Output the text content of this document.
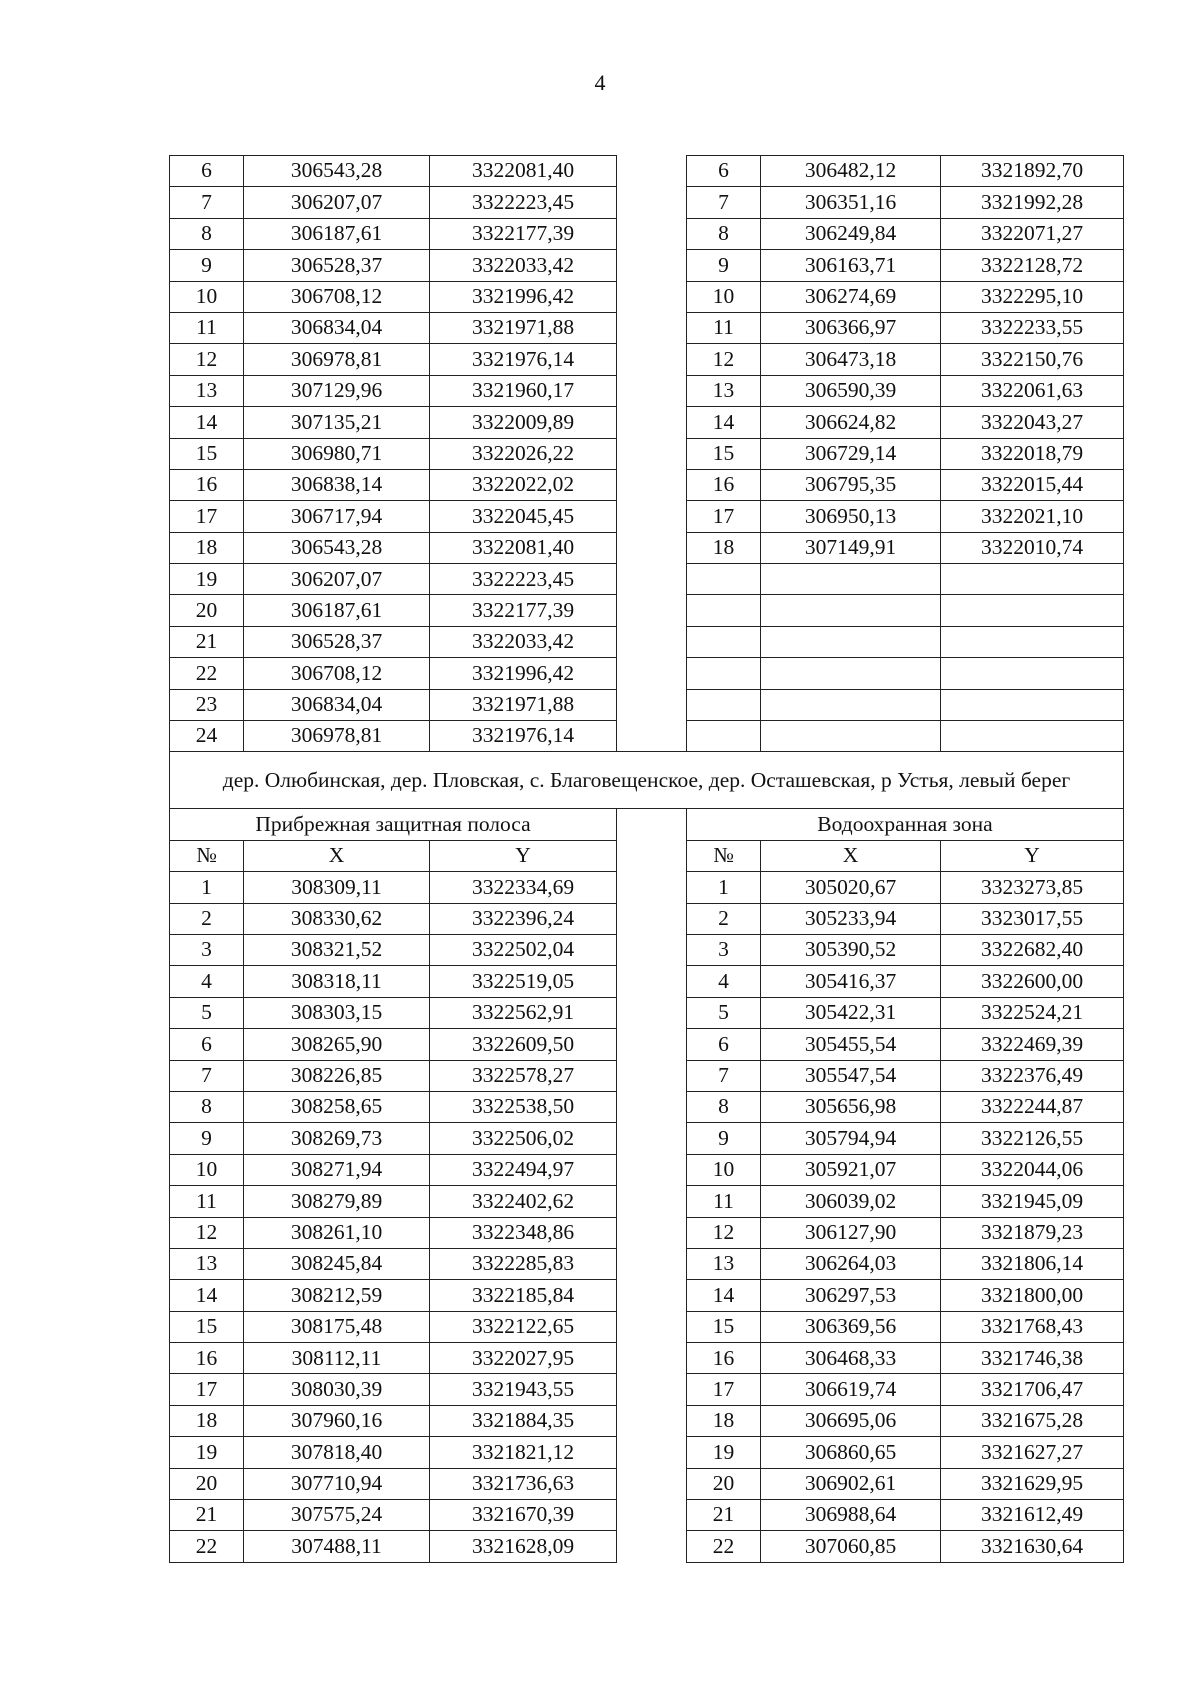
4
6	306543,28	3322081,40		6	306482,12	3321892,70
7	306207,07	3322223,45		7	306351,16	3321992,28
8	306187,61	3322177,39		8	306249,84	3322071,27
9	306528,37	3322033,42		9	306163,71	3322128,72
10	306708,12	3321996,42		10	306274,69	3322295,10
11	306834,04	3321971,88		11	306366,97	3322233,55
12	306978,81	3321976,14		12	306473,18	3322150,76
13	307129,96	3321960,17		13	306590,39	3322061,63
14	307135,21	3322009,89		14	306624,82	3322043,27
15	306980,71	3322026,22		15	306729,14	3322018,79
16	306838,14	3322022,02		16	306795,35	3322015,44
17	306717,94	3322045,45		17	306950,13	3322021,10
18	306543,28	3322081,40		18	307149,91	3322010,74
19	306207,07	3322223,45				
20	306187,61	3322177,39				
21	306528,37	3322033,42				
22	306708,12	3321996,42				
23	306834,04	3321971,88				
24	306978,81	3321976,14				
дер. Олюбинская, дер. Пловская, с. Благовещенское, дер. Осташевская, р Устья, левый берег						
Прибрежная защитная полоса				Водоохранная зона		
№	X	Y		№	X	Y
1	308309,11	3322334,69		1	305020,67	3323273,85
2	308330,62	3322396,24		2	305233,94	3323017,55
3	308321,52	3322502,04		3	305390,52	3322682,40
4	308318,11	3322519,05		4	305416,37	3322600,00
5	308303,15	3322562,91		5	305422,31	3322524,21
6	308265,90	3322609,50		6	305455,54	3322469,39
7	308226,85	3322578,27		7	305547,54	3322376,49
8	308258,65	3322538,50		8	305656,98	3322244,87
9	308269,73	3322506,02		9	305794,94	3322126,55
10	308271,94	3322494,97		10	305921,07	3322044,06
11	308279,89	3322402,62		11	306039,02	3321945,09
12	308261,10	3322348,86		12	306127,90	3321879,23
13	308245,84	3322285,83		13	306264,03	3321806,14
14	308212,59	3322185,84		14	306297,53	3321800,00
15	308175,48	3322122,65		15	306369,56	3321768,43
16	308112,11	3322027,95		16	306468,33	3321746,38
17	308030,39	3321943,55		17	306619,74	3321706,47
18	307960,16	3321884,35		18	306695,06	3321675,28
19	307818,40	3321821,12		19	306860,65	3321627,27
20	307710,94	3321736,63		20	306902,61	3321629,95
21	307575,24	3321670,39		21	306988,64	3321612,49
22	307488,11	3321628,09		22	307060,85	3321630,64
